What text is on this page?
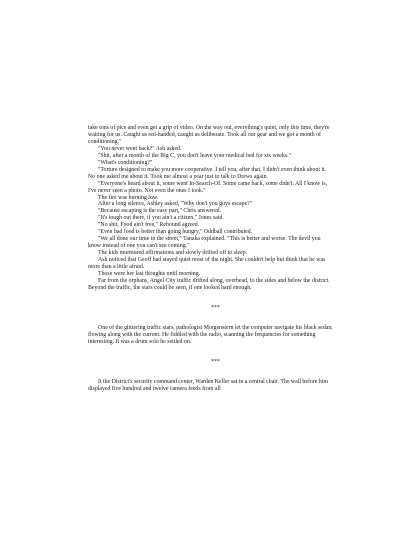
take tons of pics and even get a grip of video. On the way out, everything's quiet, only this time, they're waiting for us. Caught us red-handed, caught us deliberate. Took all our gear and we got a month of conditioning."

"You never went back?" Ash asked.

"Shit, after a month of the Big C, you don't leave your medical bed for six weeks."

"What's conditioning?"

"Torture designed to make you more cooperative. I tell you, after that, I didn't even think about it. No one asked me about it. Took me almost a year just to talk to Drews again.

"Everyone's heard about it, some went In-Search-Of. Some came back, some didn't. All I know is, I've never seen a photo. Not even the ones I took."

The fire was burning low.

After a long silence, Ashley asked, "Why don't you guys escape?"

"Because escaping is the easy part," Chris answered.

"It's tough out there, if you ain't a citizen," Jones said.

"No shit, Food ain't free," Rebound agreed.

"Even bad food is better than going hungry," Oddball contributed.

"We all done our time in the street," Tanaka explained. "This is better and worse. The devil you know instead of one you can't see coming."

The kids murmured affirmations and slowly drifted off to sleep.

Ash noticed that Geoff had stayed quiet most of the night. She couldn't help but think that he was more than a little afraid.

Those were her last thoughts until morning.

Far from the orphans, Angel City traffic drifted along, overhead, to the sides and below the district. Beyond the traffic, the stars could be seen, if one looked hard enough.

***

One of the glittering traffic stars, pathologist Morgenstern let the computer navigate his black sedan, flowing along with the current. He fiddled with the radio, scanning the frequencies for something interesting. It was a drum solo he settled on.

***

It the District's security command center, Warden Keller sat in a central chair. The wall before him displayed five hundred and twelve camera feeds from all
